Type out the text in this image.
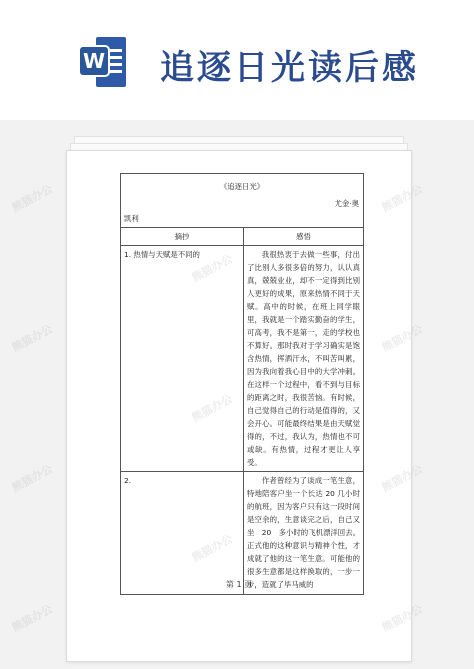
W 追逐日光读后感
《追逐日光》	
尤金·奥	
凯利	
摘抄	感悟
1. 热情与天赋是不同的	我很热衷于去做一些事，付出了比别人多很多倍的努力，认认真真，兢兢业业，却不一定得到比别人更好的成果，原来热情不同于天赋。高中的时候，在班上同学眼里，我就是一个踏实勤奋的学生，可高考，我不是第一，走的学校也不算好。那时我对于学习确实是饱含热情，挥洒汗水，不叫苦叫累，因为我向着我心目中的大学冲刺。在这样一个过程中，看不到与目标的距离之时，我很苦恼。有时候，自己觉得自己的行动是值得的，又会开心。可能最终结果是由天赋觉得的，不过，我认为，热情也不可或缺。有热情，过程才更让人享受。
2.	作者曾经为了谈成一笔生意，特地陪客户坐一个长达 20 几小时的航班，因为客户只有这一段时间是空余的，生意谈完之后，自己又坐　20　多小时的飞机漂洋回去。正式他的这种意识与精神个性，才成就了他的这一笔生意。可能他的很多生意都是这样换取的，一步一步，造就了毕马威的
第 1 页
熊猫办公
熊猫办公
熊猫办公
熊猫办公
熊猫办公
熊猫办公
熊猫办公
熊猫办公
熊猫办公
熊猫办公
熊猫办公
